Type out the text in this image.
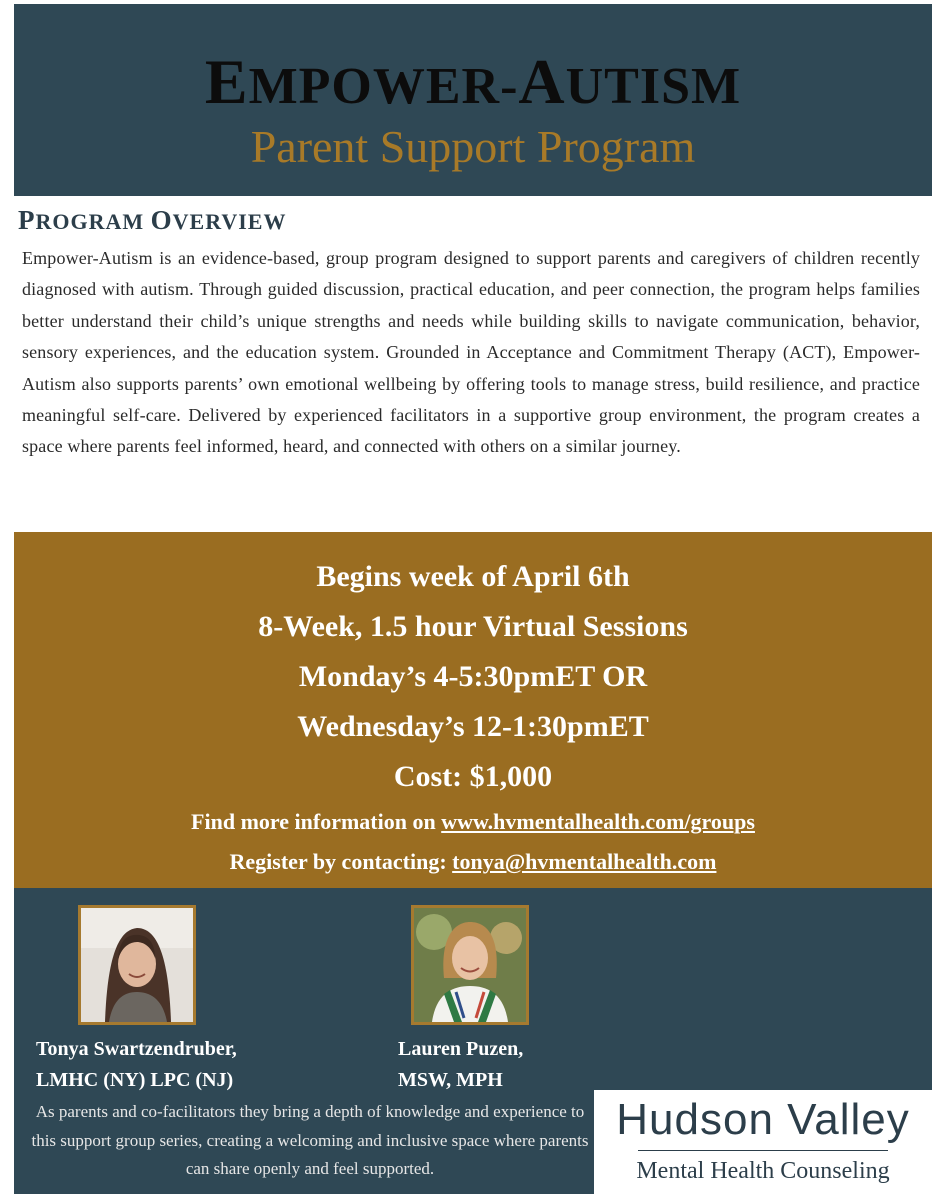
EMPOWER-AUTISM
Parent Support Program
PROGRAM OVERVIEW
Empower-Autism is an evidence-based, group program designed to support parents and caregivers of children recently diagnosed with autism. Through guided discussion, practical education, and peer connection, the program helps families better understand their child’s unique strengths and needs while building skills to navigate communication, behavior, sensory experiences, and the education system. Grounded in Acceptance and Commitment Therapy (ACT), Empower-Autism also supports parents’ own emotional wellbeing by offering tools to manage stress, build resilience, and practice meaningful self-care. Delivered by experienced facilitators in a supportive group environment, the program creates a space where parents feel informed, heard, and connected with others on a similar journey.
Begins week of April 6th
8-Week, 1.5 hour Virtual Sessions
Monday’s 4-5:30pmET OR
Wednesday’s 12-1:30pmET
Cost: $1,000
Find more information on www.hvmentalhealth.com/groups
Register by contacting: tonya@hvmentalhealth.com
Tonya Swartzendruber,
LMHC (NY) LPC (NJ)
Lauren Puzen,
MSW, MPH
As parents and co-facilitators they bring a depth of knowledge and experience to this support group series, creating a welcoming and inclusive space where parents can share openly and feel supported.
Hudson Valley
Mental Health Counseling
